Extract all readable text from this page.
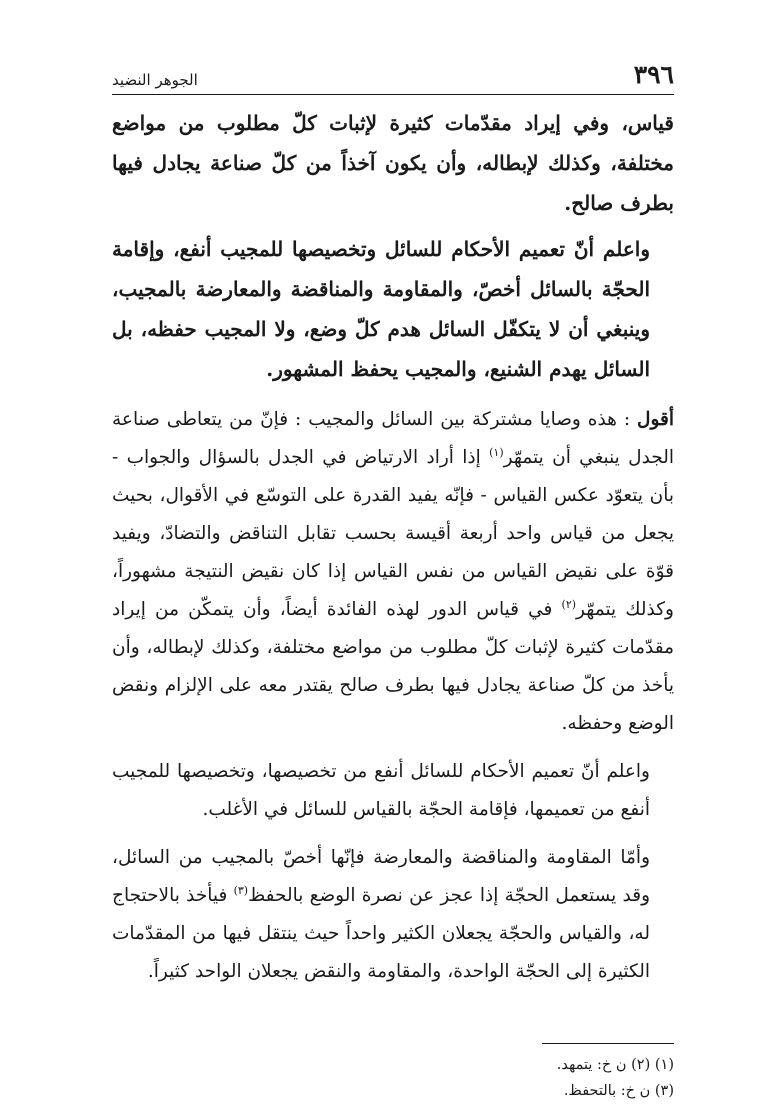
٣٩٦
الجوهر النضيد

قياس، وفي إيراد مقدّمات كثيرة لإثبات كلّ مطلوب من مواضع مختلفة، وكذلك لإبطاله، وأن يكون آخذاً من كلّ صناعة يجادل فيها بطرف صالح.

واعلم أنّ تعميم الأحكام للسائل وتخصيصها للمجيب أنفع، وإقامة الحجّة بالسائل أخصّ، والمقاومة والمناقضة والمعارضة بالمجيب، وينبغي أن لا يتكفّل السائل هدم كلّ وضع، ولا المجيب حفظه، بل السائل يهدم الشنيع، والمجيب يحفظ المشهور.

أقول : هذه وصايا مشتركة بين السائل والمجيب : فإنّ من يتعاطى صناعة الجدل ينبغي أن يتمهّر$^{(١)}$ إذا أراد الارتياض في الجدل بالسؤال والجواب - بأن يتعوّد عكس القياس - فإنّه يفيد القدرة على التوسّع في الأقوال، بحيث يجعل من قياس واحد أربعة أقيسة بحسب تقابل التناقض والتضادّ، ويفيد قوّة على نقيض القياس من نفس القياس إذا كان نقيض النتيجة مشهوراً، وكذلك يتمهّر$^{(٢)}$ في قياس الدور لهذه الفائدة أيضاً، وأن يتمكّن من إيراد مقدّمات كثيرة لإثبات كلّ مطلوب من مواضع مختلفة، وكذلك لإبطاله، وأن يأخذ من كلّ صناعة يجادل فيها بطرف صالح يقتدر معه على الإلزام ونقض الوضع وحفظه.

واعلم أنّ تعميم الأحكام للسائل أنفع من تخصيصها، وتخصيصها للمجيب أنفع من تعميمها، فإقامة الحجّة بالقياس للسائل في الأغلب.

وأمّا المقاومة والمناقضة والمعارضة فإنّها أخصّ بالمجيب من السائل، وقد يستعمل الحجّة إذا عجز عن نصرة الوضع بالحفظ$^{(٣)}$ فيأخذ بالاحتجاج له، والقياس والحجّة يجعلان الكثير واحداً حيث ينتقل فيها من المقدّمات الكثيرة إلى الحجّة الواحدة، والمقاومة والنقض يجعلان الواحد كثيراً.

(١) (٢) ن خ: يتمهد.
(٣) ن خ: بالتحفظ.
